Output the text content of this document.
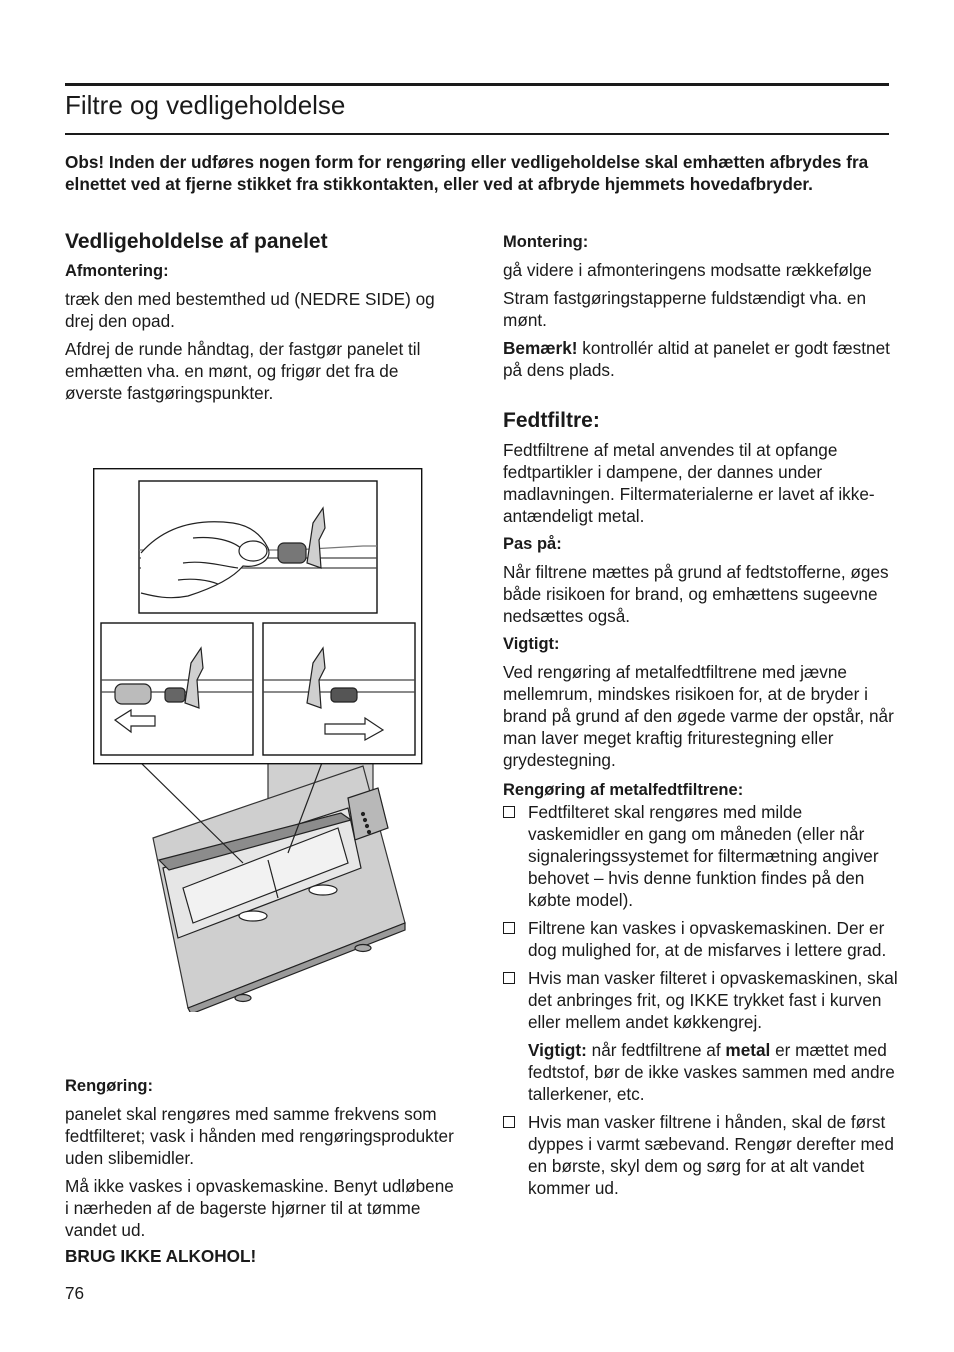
Filtre og vedligeholdelse

Obs! Inden der udføres nogen form for rengøring eller vedligeholdelse skal emhætten afbrydes fra elnettet ved at fjerne stikket fra stikkontakten, eller ved at afbryde hjemmets hovedafbryder.

Vedligeholdelse af panelet
Afmontering:

træk den med bestemthed ud (NEDRE SIDE) og drej den opad.

Afdrej de runde håndtag, der fastgør panelet til emhætten vha. en mønt, og frigør det fra de øverste fastgøringspunkter.

Rengøring:

panelet skal rengøres med samme frekvens som fedtfilteret; vask i hånden med rengøringsprodukter uden slibemidler.

Må ikke vaskes i opvaskemaskine. Benyt udløbene i nærheden af de bagerste hjørner til at tømme vandet ud.

BRUG IKKE ALKOHOL!

Montering:

gå videre i afmonteringens modsatte rækkefølge

Stram fastgøringstapperne fuldstændigt vha. en mønt.

Bemærk! kontrollér altid at panelet er godt fæstnet på dens plads.

Fedtfiltre:

Fedtfiltrene af metal anvendes til at opfange fedtpartikler i dampene, der dannes under madlavningen. Filtermaterialerne er lavet af ikke-antændeligt metal.

Pas på:

Når filtrene mættes på grund af fedtstofferne, øges både risikoen for brand, og emhættens sugeevne nedsættes også.

Vigtigt:

Ved rengøring af metalfedtfiltrene med jævne mellemrum, mindskes risikoen for, at de bryder i brand på grund af den øgede varme der opstår, når man laver meget kraftig friturestegning eller grydestegning.

Rengøring af metalfedtfiltrene:
Fedtfilteret skal rengøres med milde vaskemidler en gang om måneden (eller når signaleringssystemet for filtermætning angiver behovet – hvis denne funktion findes på den købte model).
Filtrene kan vaskes i opvaskemaskinen. Der er dog mulighed for, at de misfarves i lettere grad.
Hvis man vasker filteret i opvaskemaskinen, skal det anbringes frit, og IKKE trykket fast i kurven eller mellem andet køkkengrej.

Vigtigt: når fedtfiltrene af metal er mættet med fedtstof, bør de ikke vaskes sammen med andre tallerkener, etc.

Hvis man vasker filtrene i hånden, skal de først dyppes i varmt sæbevand. Rengør derefter med en børste, skyl dem og sørg for at alt vandet kommer ud.
76
